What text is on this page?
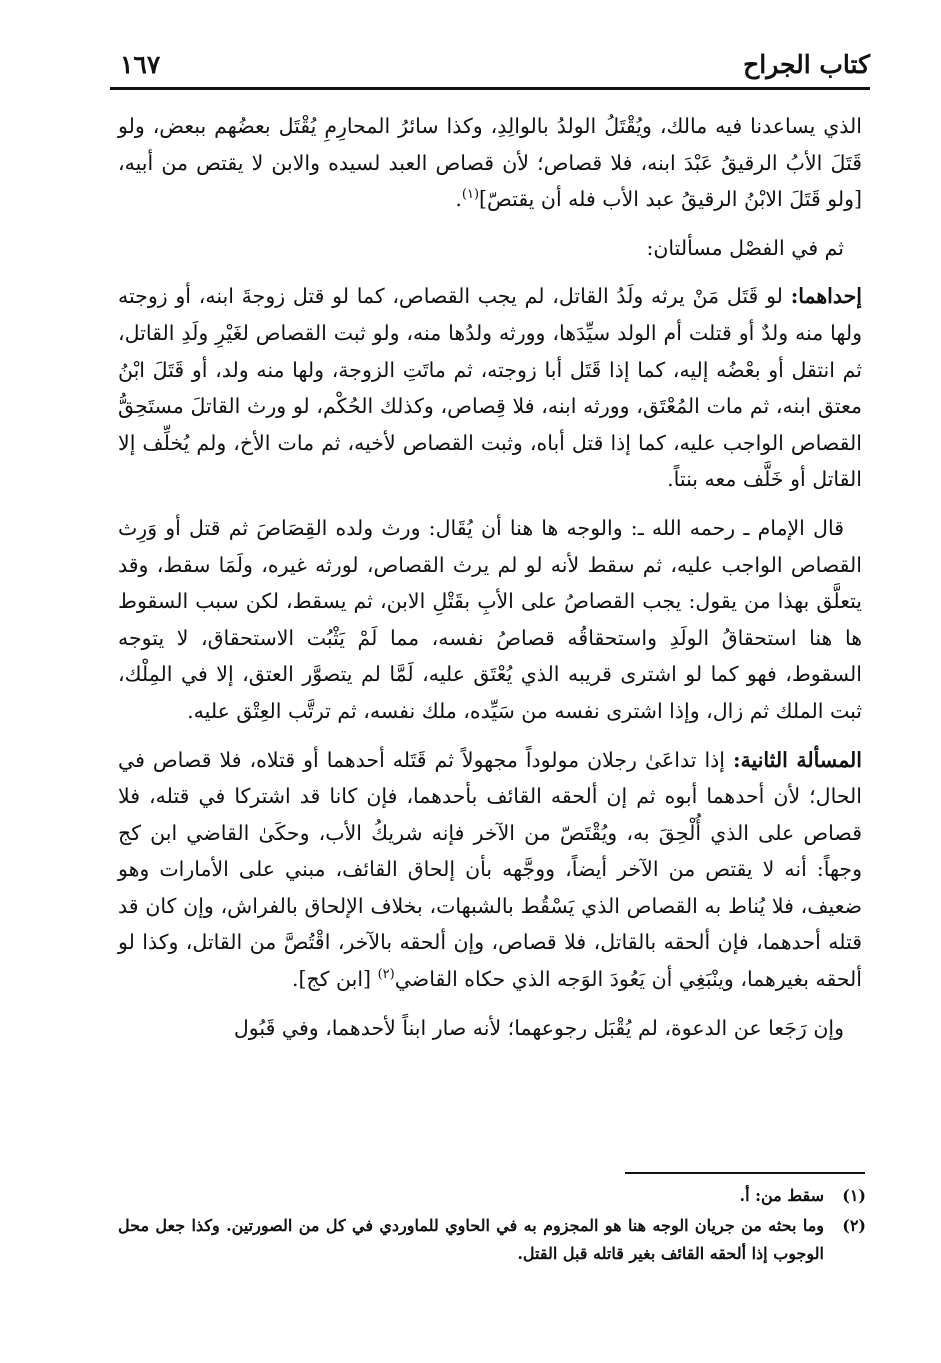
كتاب الجراح
١٦٧

الذي يساعدنا فيه مالك، ويُقْتَلُ الولدُ بالوالِدِ، وكذا سائرُ المحارِمِ يُقْتَل بعضُهم ببعض، ولو قَتَلَ الأبُ الرقيقُ عَبْدَ ابنه، فلا قصاص؛ لأن قصاص العبد لسيده والابن لا يقتص من أبيه، [ولو قَتَلَ الابْنُ الرقيقُ عبد الأب فله أن يقتصّ]$^{(١)}$.

ثم في الفصْل مسألتان:

إحداهما: لو قَتَل مَنْ يرثه ولَدُ القاتل، لم يجب القصاص، كما لو قتل زوجةَ ابنه، أو زوجته ولها منه ولدٌ أو قتلت أم الولد سيِّدَها، وورثه ولدُها منه، ولو ثبت القصاص لغَيْرِ ولَدِ القاتل، ثم انتقل أو بعْضُه إليه، كما إذا قَتَل أبا زوجته، ثم ماتَتِ الزوجة، ولها منه ولد، أو قَتَلَ ابْنُ معتق ابنه، ثم مات المُعْتَق، وورثه ابنه، فلا قِصاص، وكذلك الحُكْم، لو ورث القاتلَ مستَحِقُّ القصاص الواجب عليه، كما إذا قتل أباه، وثبت القصاص لأخيه، ثم مات الأخ، ولم يُخلِّف إلا القاتل أو خَلَّف معه بنتاً.

قال الإمام ـ رحمه الله ـ: والوجه ها هنا أن يُقَال: ورث ولده القِصَاصَ ثم قتل أو وَرِث القصاص الواجب عليه، ثم سقط لأنه لو لم يرث القصاص، لورثه غيره، ولَمَا سقط، وقد يتعلَّق بهذا من يقول: يجب القصاصُ على الأبِ بقَتْلِ الابن، ثم يسقط، لكن سبب السقوط ها هنا استحقاقُ الولَدِ واستحقاقُه قصاصُ نفسه، مما لَمْ يَثْبُت الاستحقاق، لا يتوجه السقوط، فهو كما لو اشترى قريبه الذي يُعْتَق عليه، لَمَّا لم يتصوَّر العتق، إلا في المِلْك، ثبت الملك ثم زال، وإذا اشترى نفسه من سَيِّده، ملك نفسه، ثم ترتَّب العِتْق عليه.

المسألة الثانية: إذا تداعَىٰ رجلان مولوداً مجهولاً ثم قَتَله أحدهما أو قتلاه، فلا قصاص في الحال؛ لأن أحدهما أبوه ثم إن ألحقه القائف بأحدهما، فإن كانا قد اشتركا في قتله، فلا قصاص على الذي أُلْحِقَ به، ويُقْتَصّ من الآخر فإنه شريكُ الأب، وحكَىٰ القاضي ابن كج وجهاً: أنه لا يقتص من الآخر أيضاً، ووجَّهه بأن إلحاق القائف، مبني على الأمارات وهو ضعيف، فلا يُناط به القصاص الذي يَسْقُط بالشبهات، بخلاف الإلحاق بالفراش، وإن كان قد قتله أحدهما، فإن ألحقه بالقاتل، فلا قصاص، وإن ألحقه بالآخر، اقْتُصَّ من القاتل، وكذا لو ألحقه بغيرهما، وينْبَغِي أن يَعُودَ الوَجه الذي حكاه القاضي$^{(٢)}$ [ابن كج].

وإن رَجَعا عن الدعوة، لم يُقْبَل رجوعهما؛ لأنه صار ابناً لأحدهما، وفي قَبُول

(١)
سقط من: أ.
(٢)
وما بحثه من جريان الوجه هنا هو المجزوم به في الحاوي للماوردي في كل من الصورتين. وكذا جعل محل الوجوب إذا ألحقه القائف بغير قاتله قبل القتل.
